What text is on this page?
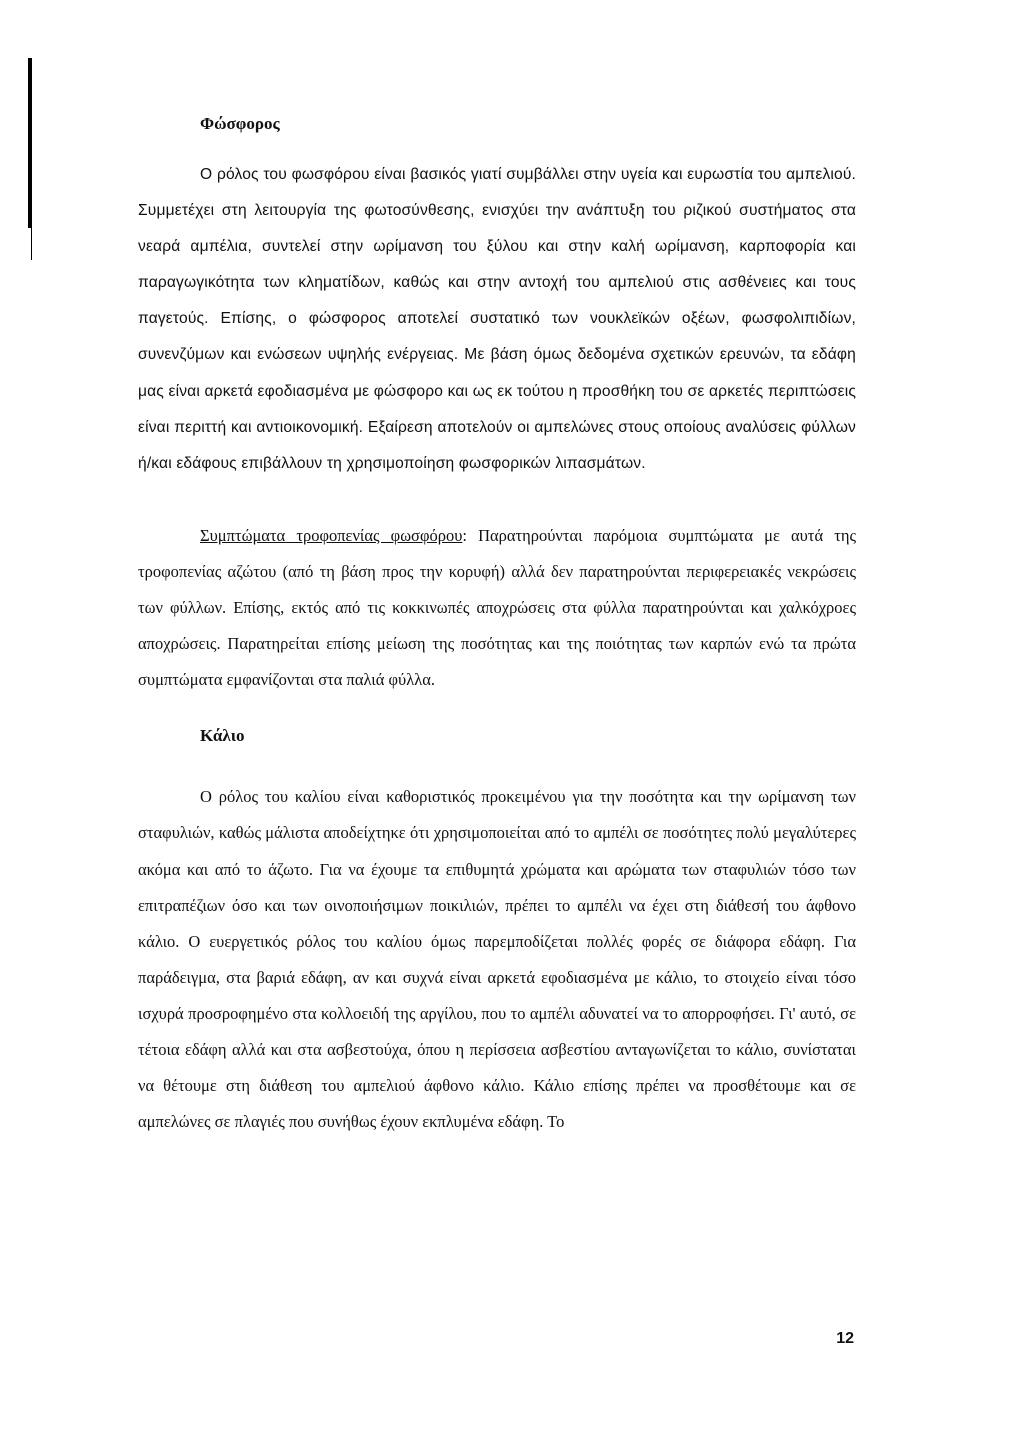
Φώσφορος

Ο ρόλος του φωσφόρου είναι βασικός γιατί συμβάλλει στην υγεία και ευρωστία του αμπελιού. Συμμετέχει στη λειτουργία της φωτοσύνθεσης, ενισχύει την ανάπτυξη του ριζικού συστήματος στα νεαρά αμπέλια, συντελεί στην ωρίμανση του ξύλου και στην καλή ωρίμανση, καρποφορία και παραγωγικότητα των κληματίδων, καθώς και στην αντοχή του αμπελιού στις ασθένειες και τους παγετούς. Επίσης, ο φώσφορος αποτελεί συστατικό των νουκλεϊκών οξέων, φωσφολιπιδίων, συνενζύμων και ενώσεων υψηλής ενέργειας. Με βάση όμως δεδομένα σχετικών ερευνών, τα εδάφη μας είναι αρκετά εφοδιασμένα με φώσφορο και ως εκ τούτου η προσθήκη του σε αρκετές περιπτώσεις είναι περιττή και αντιοικονομική. Εξαίρεση αποτελούν οι αμπελώνες στους οποίους αναλύσεις φύλλων ή/και εδάφους επιβάλλουν τη χρησιμοποίηση φωσφορικών λιπασμάτων.

Συμπτώματα τροφοπενίας φωσφόρου: Παρατηρούνται παρόμοια συμπτώματα με αυτά της τροφοπενίας αζώτου (από τη βάση προς την κορυφή) αλλά δεν παρατηρούνται περιφερειακές νεκρώσεις των φύλλων. Επίσης, εκτός από τις κοκκινωπές αποχρώσεις στα φύλλα παρατηρούνται και χαλκόχροες αποχρώσεις. Παρατηρείται επίσης μείωση της ποσότητας και της ποιότητας των καρπών ενώ τα πρώτα συμπτώματα εμφανίζονται στα παλιά φύλλα.

Κάλιο

Ο ρόλος του καλίου είναι καθοριστικός προκειμένου για την ποσότητα και την ωρίμανση των σταφυλιών, καθώς μάλιστα αποδείχτηκε ότι χρησιμοποιείται από το αμπέλι σε ποσότητες πολύ μεγαλύτερες ακόμα και από το άζωτο. Για να έχουμε τα επιθυμητά χρώματα και αρώματα των σταφυλιών τόσο των επιτραπέζιων όσο και των οινοποιήσιμων ποικιλιών, πρέπει το αμπέλι να έχει στη διάθεσή του άφθονο κάλιο. Ο ευεργετικός ρόλος του καλίου όμως παρεμποδίζεται πολλές φορές σε διάφορα εδάφη. Για παράδειγμα, στα βαριά εδάφη, αν και συχνά είναι αρκετά εφοδιασμένα με κάλιο, το στοιχείο είναι τόσο ισχυρά προσροφημένο στα κολλοειδή της αργίλου, που το αμπέλι αδυνατεί να το απορροφήσει. Γι' αυτό, σε τέτοια εδάφη αλλά και στα ασβεστούχα, όπου η περίσσεια ασβεστίου ανταγωνίζεται το κάλιο, συνίσταται να θέτουμε στη διάθεση του αμπελιού άφθονο κάλιο. Κάλιο επίσης πρέπει να προσθέτουμε και σε αμπελώνες σε πλαγιές που συνήθως έχουν εκπλυμένα εδάφη. Το

12
